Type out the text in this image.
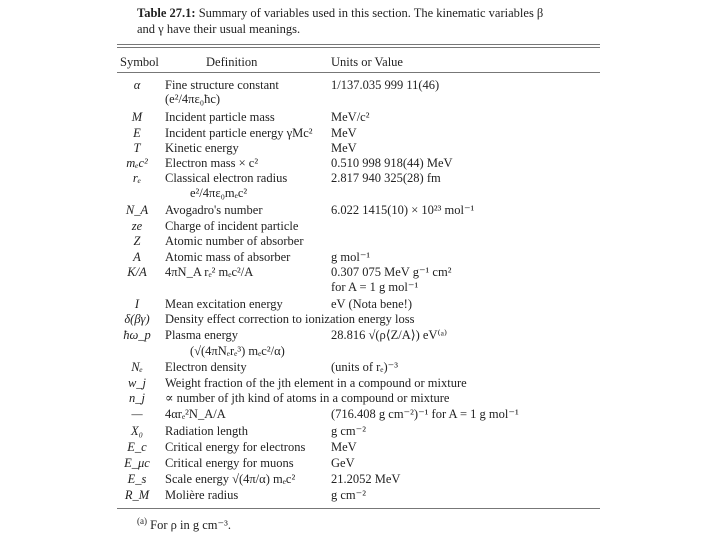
Table 27.1: Summary of variables used in this section. The kinematic variables β
and γ have their usual meanings.
Symbol	Definition	Units or Value
α	Fine structure constant	1/137.035 999 11(46)
(e²/4πε₀ħc)
M	Incident particle mass	MeV/c²
E	Incident particle energy γMc²	MeV
T	Kinetic energy	MeV
mₑc²	Electron mass × c²	0.510 998 918(44) MeV
rₑ	Classical electron radius	2.817 940 325(28) fm
e²/4πε₀mₑc²
N_A	Avogadro's number	6.022 1415(10) × 10²³ mol⁻¹
ze	Charge of incident particle
Z	Atomic number of absorber
A	Atomic mass of absorber	g mol⁻¹
K/A	4πN_A rₑ² mₑc²/A	0.307 075 MeV g⁻¹ cm²
for A = 1 g mol⁻¹
I	Mean excitation energy	eV (Nota bene!)
δ(βγ)	Density effect correction to ionization energy loss
ħω_p	Plasma energy	28.816 √(ρ⟨Z/A⟩) eV⁽ᵃ⁾
(√(4πNₑrₑ³) mₑc²/α)
Nₑ	Electron density	(units of rₑ)⁻³
w_j	Weight fraction of the jth element in a compound or mixture
n_j	∝ number of jth kind of atoms in a compound or mixture
—	4αrₑ²N_A/A	(716.408 g cm⁻²)⁻¹ for A = 1 g mol⁻¹
X₀	Radiation length	g cm⁻²
E_c	Critical energy for electrons	MeV
E_μc	Critical energy for muons	GeV
E_s	Scale energy √(4π/α) mₑc²	21.2052 MeV
R_M	Molière radius	g cm⁻²
$^{(a)}$ For ρ in g cm⁻³.
